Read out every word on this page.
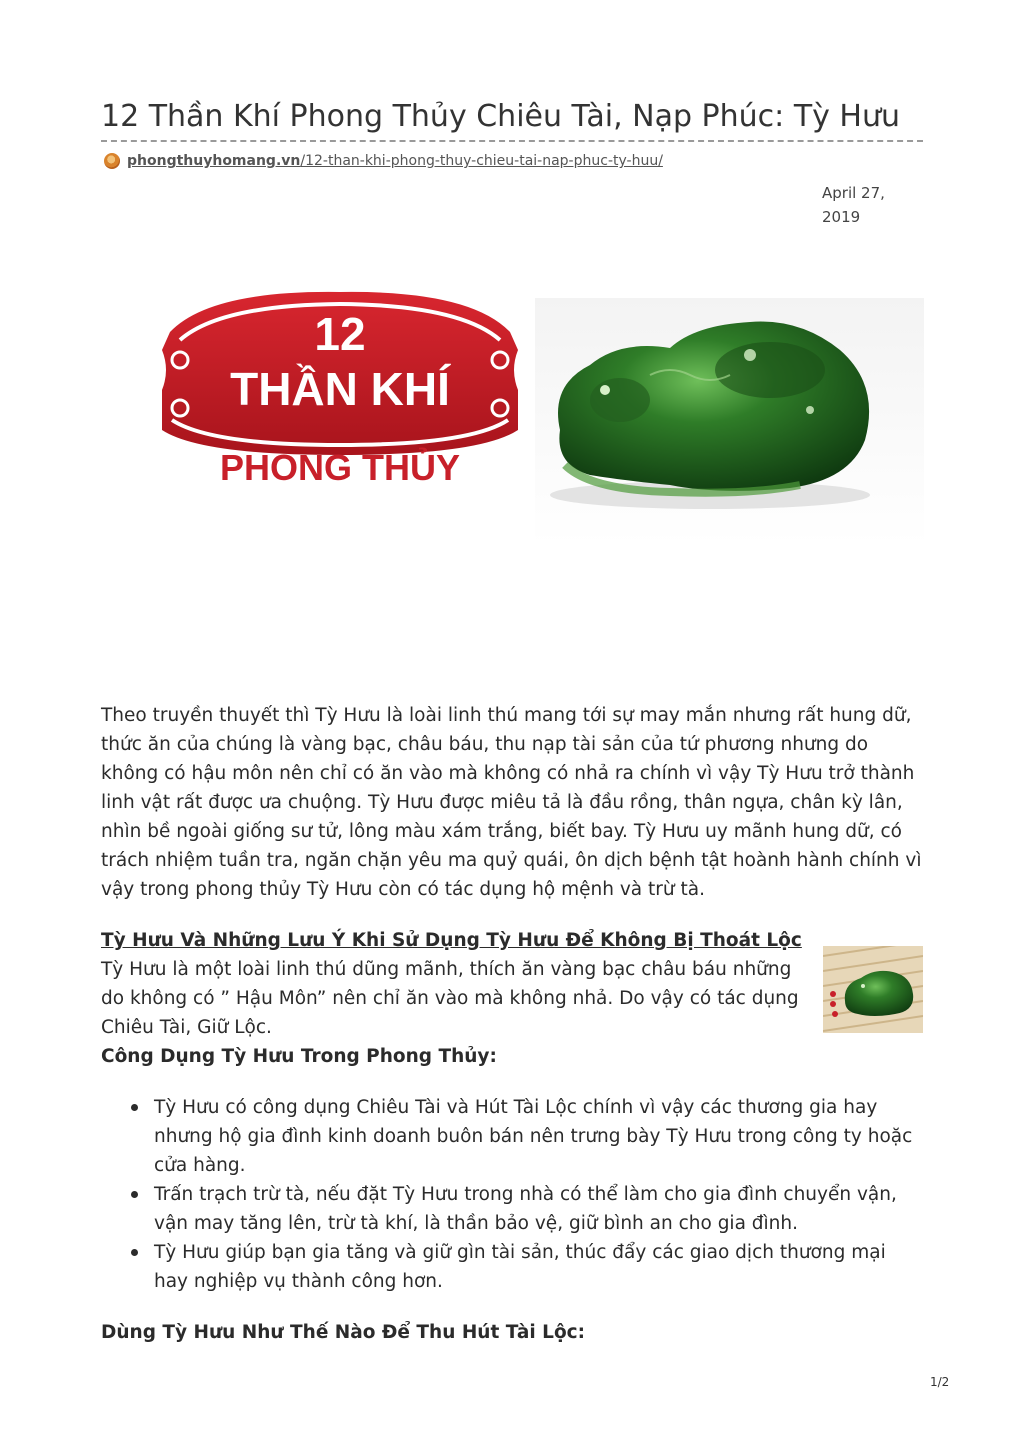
12 Thần Khí Phong Thủy Chiêu Tài, Nạp Phúc: Tỳ Hưu
phongthuyhomang.vn/12-than-khi-phong-thuy-chieu-tai-nap-phuc-ty-huu/
April 27, 2019
12
THẦN KHÍ
PHONG THỦY
Theo truyền thuyết thì Tỳ Hưu là loài linh thú mang tới sự may mắn nhưng rất hung dữ, thức ăn của chúng là vàng bạc, châu báu, thu nạp tài sản của tứ phương nhưng do không có hậu môn nên chỉ có ăn vào mà không có nhả ra chính vì vậy Tỳ Hưu trở thành linh vật rất được ưa chuộng. Tỳ Hưu được miêu tả là đầu rồng, thân ngựa, chân kỳ lân, nhìn bề ngoài giống sư tử, lông màu xám trắng, biết bay. Tỳ Hưu uy mãnh hung dữ, có trách nhiệm tuần tra, ngăn chặn yêu ma quỷ quái, ôn dịch bệnh tật hoành hành chính vì vậy trong phong thủy Tỳ Hưu còn có tác dụng hộ mệnh và trừ tà.
Tỳ Hưu Và Những Lưu Ý Khi Sử Dụng Tỳ Hưu Để Không Bị Thoát Lộc
Tỳ Hưu là một loài linh thú dũng mãnh, thích ăn vàng bạc châu báu những do không có ” Hậu Môn” nên chỉ ăn vào mà không nhả. Do vậy có tác dụng Chiêu Tài, Giữ Lộc.
Công Dụng Tỳ Hưu Trong Phong Thủy:
Tỳ Hưu có công dụng Chiêu Tài và Hút Tài Lộc chính vì vậy các thương gia hay nhưng hộ gia đình kinh doanh buôn bán nên trưng bày Tỳ Hưu trong công ty hoặc cửa hàng.
Trấn trạch trừ tà, nếu đặt Tỳ Hưu trong nhà có thể làm cho gia đình chuyển vận, vận may tăng lên, trừ tà khí, là thần bảo vệ, giữ bình an cho gia đình.
Tỳ Hưu giúp bạn gia tăng và giữ gìn tài sản, thúc đẩy các giao dịch thương mại hay nghiệp vụ thành công hơn.
Dùng Tỳ Hưu Như Thế Nào Để Thu Hút Tài Lộc:
1/2
